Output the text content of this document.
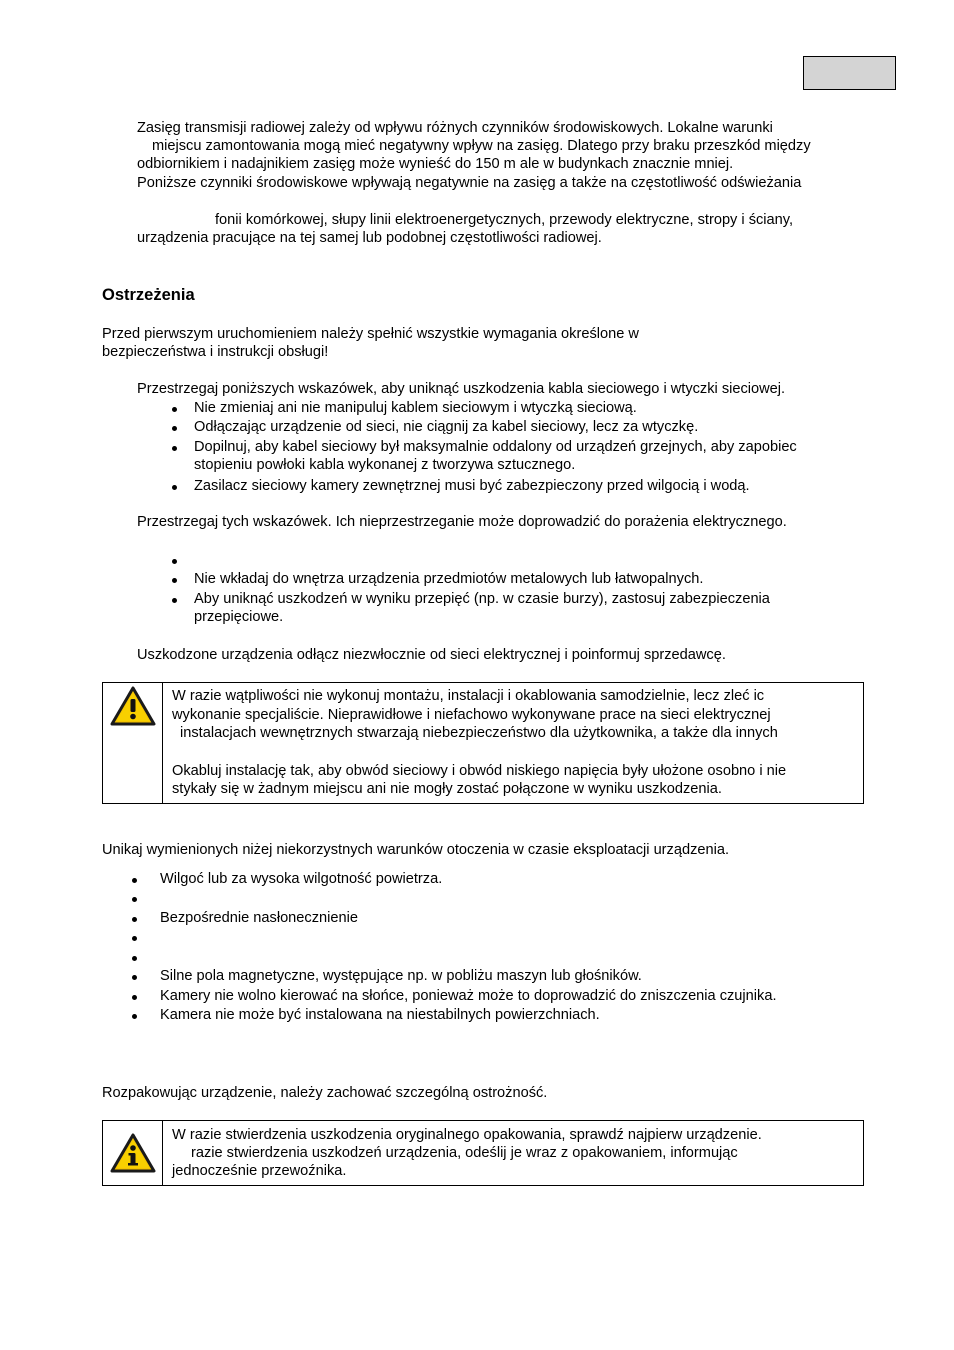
Zasięg transmisji radiowej zależy od wpływu różnych czynników środowiskowych. Lokalne warunki
miejscu zamontowania mogą mieć negatywny wpływ na zasięg. Dlatego przy braku przeszkód między
odbiornikiem i nadajnikiem zasięg może wynieść do 150 m ale w budynkach znacznie mniej.
Poniższe czynniki środowiskowe wpływają negatywnie na zasięg a także na częstotliwość odświeżania
fonii komórkowej, słupy linii elektroenergetycznych, przewody elektryczne, stropy i ściany,
urządzenia pracujące na tej samej lub podobnej częstotliwości radiowej.
Ostrzeżenia
Przed pierwszym uruchomieniem należy spełnić wszystkie wymagania określone w
bezpieczeństwa i instrukcji obsługi!
Przestrzegaj poniższych wskazówek, aby uniknąć uszkodzenia kabla sieciowego i wtyczki sieciowej.
Nie zmieniaj ani nie manipuluj kablem sieciowym i wtyczką sieciową.
Odłączając urządzenie od sieci, nie ciągnij za kabel sieciowy, lecz za wtyczkę.
Dopilnuj, aby kabel sieciowy był maksymalnie oddalony od urządzeń grzejnych, aby zapobiec
stopieniu powłoki kabla wykonanej z tworzywa sztucznego.
Zasilacz sieciowy kamery zewnętrznej musi być zabezpieczony przed wilgocią i wodą.
Przestrzegaj tych wskazówek. Ich nieprzestrzeganie może doprowadzić do porażenia elektrycznego.
Nie wkładaj do wnętrza urządzenia przedmiotów metalowych lub łatwopalnych.
Aby uniknąć uszkodzeń w wyniku przepięć (np. w czasie burzy), zastosuj zabezpieczenia
przepięciowe.
Uszkodzone urządzenia odłącz niezwłocznie od sieci elektrycznej i poinformuj sprzedawcę.
W razie wątpliwości nie wykonuj montażu, instalacji i okablowania samodzielnie, lecz zleć ic
wykonanie specjaliście. Nieprawidłowe i niefachowo wykonywane prace na sieci elektrycznej
instalacjach wewnętrznych stwarzają niebezpieczeństwo dla użytkownika, a także dla innych
Okabluj instalację tak, aby obwód sieciowy i obwód niskiego napięcia były ułożone osobno i nie
stykały się w żadnym miejscu ani nie mogły zostać połączone w wyniku uszkodzenia.
Unikaj wymienionych niżej niekorzystnych warunków otoczenia w czasie eksploatacji urządzenia.
Wilgoć lub za wysoka wilgotność powietrza.
Bezpośrednie nasłonecznienie
Silne pola magnetyczne, występujące np. w pobliżu maszyn lub głośników.
Kamery nie wolno kierować na słońce, ponieważ może to doprowadzić do zniszczenia czujnika.
Kamera nie może być instalowana na niestabilnych powierzchniach.
Rozpakowując urządzenie, należy zachować szczególną ostrożność.
W razie stwierdzenia uszkodzenia oryginalnego opakowania, sprawdź najpierw urządzenie.
razie stwierdzenia uszkodzeń urządzenia, odeślij je wraz z opakowaniem, informując
jednocześnie przewoźnika.
